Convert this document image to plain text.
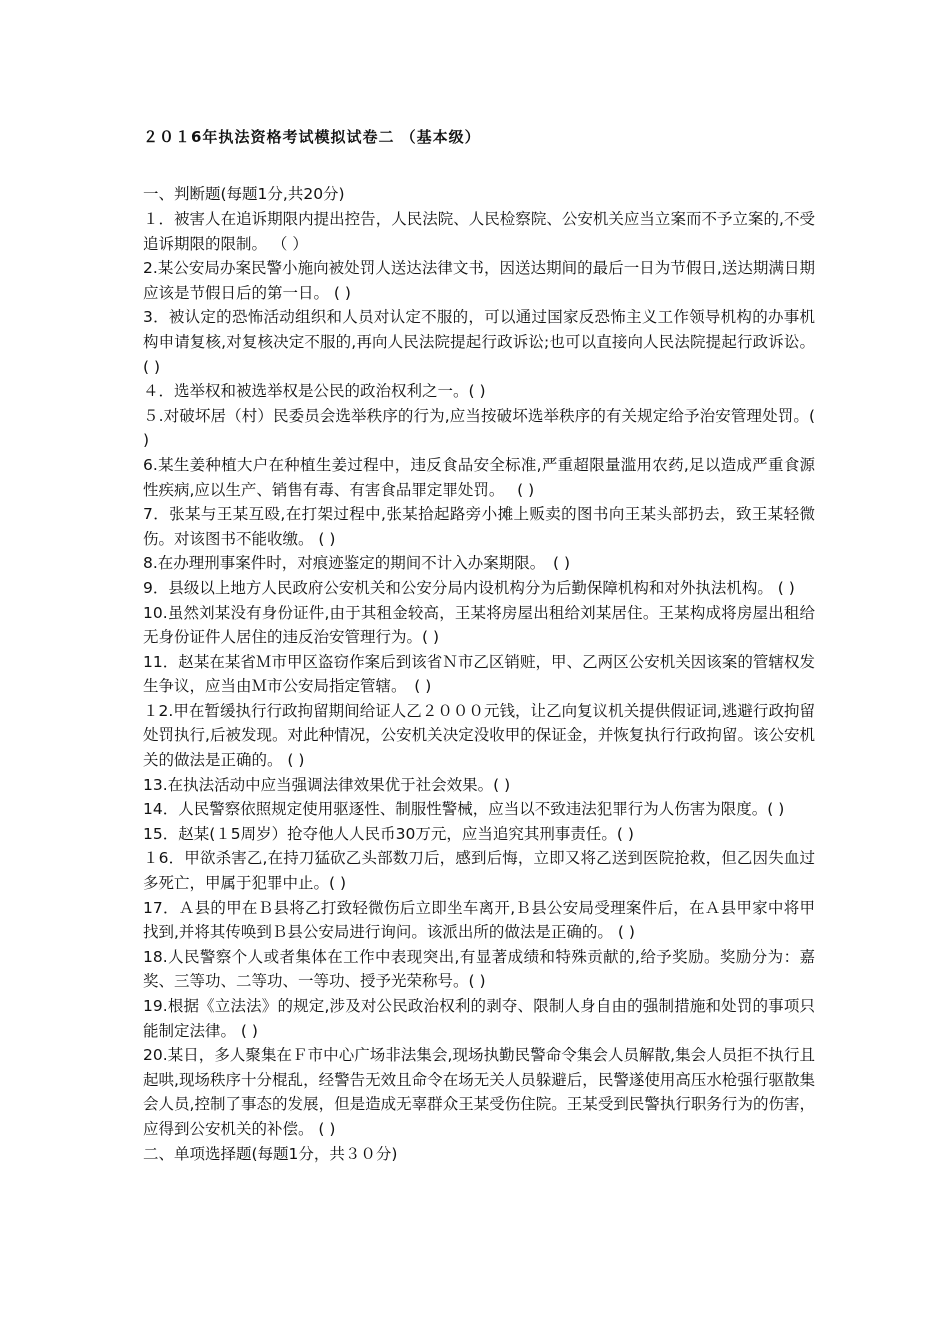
２０１6年执法资格考试模拟试卷二 （基本级）
一、判断题(每题1分,共20分)

１．被害人在追诉期限内提出控告，人民法院、人民检察院、公安机关应当立案而不予立案的,不受追诉期限的限制。 （ ）

2.某公安局办案民警小施向被处罚人送达法律文书，因送达期间的最后一日为节假日,送达期满日期应该是节假日后的第一日。 ( )

3．被认定的恐怖活动组织和人员对认定不服的，可以通过国家反恐怖主义工作领导机构的办事机构申请复核,对复核决定不服的,再向人民法院提起行政诉讼;也可以直接向人民法院提起行政诉讼。( )

４．选举权和被选举权是公民的政治权利之一。( )

５.对破坏居（村）民委员会选举秩序的行为,应当按破坏选举秩序的有关规定给予治安管理处罚。( )

6.某生姜种植大户在种植生姜过程中，违反食品安全标准,严重超限量滥用农药,足以造成严重食源性疾病,应以生产、销售有毒、有害食品罪定罪处罚。　 ( )

7．张某与王某互殴,在打架过程中,张某拾起路旁小摊上贩卖的图书向王某头部扔去，致王某轻微伤。对该图书不能收缴。 ( )

8.在办理刑事案件时，对痕迹鉴定的期间不计入办案期限。　( )

9．县级以上地方人民政府公安机关和公安分局内设机构分为后勤保障机构和对外执法机构。 ( )

10.虽然刘某没有身份证件,由于其租金较高，王某将房屋出租给刘某居住。王某构成将房屋出租给无身份证件人居住的违反治安管理行为。( )

11．赵某在某省Ｍ市甲区盗窃作案后到该省Ｎ市乙区销赃，甲、乙两区公安机关因该案的管辖权发生争议，应当由Ｍ市公安局指定管辖。　( )

１2.甲在暂缓执行行政拘留期间给证人乙２０００元钱，让乙向复议机关提供假证词,逃避行政拘留处罚执行,后被发现。对此种情况，公安机关决定没收甲的保证金，并恢复执行行政拘留。该公安机关的做法是正确的。 ( )

13.在执法活动中应当强调法律效果优于社会效果。( )

14．人民警察依照规定使用驱逐性、制服性警械，应当以不致违法犯罪行为人伤害为限度。( )

15．赵某(１5周岁）抢夺他人人民币30万元，应当追究其刑事责任。( )

１6．甲欲杀害乙,在持刀猛砍乙头部数刀后，感到后悔，立即又将乙送到医院抢救，但乙因失血过多死亡，甲属于犯罪中止。( )

17．Ａ县的甲在Ｂ县将乙打致轻微伤后立即坐车离开,Ｂ县公安局受理案件后，在Ａ县甲家中将甲找到,并将其传唤到Ｂ县公安局进行询问。该派出所的做法是正确的。 ( )

18.人民警察个人或者集体在工作中表现突出,有显著成绩和特殊贡献的,给予奖励。奖励分为：嘉奖、三等功、二等功、一等功、授予光荣称号。( )

19.根据《立法法》的规定,涉及对公民政治权利的剥夺、限制人身自由的强制措施和处罚的事项只能制定法律。 ( )

20.某日，多人聚集在Ｆ市中心广场非法集会,现场执勤民警命令集会人员解散,集会人员拒不执行且起哄,现场秩序十分棍乱，经警告无效且命令在场无关人员躲避后，民警遂使用高压水枪强行驱散集会人员,控制了事态的发展，但是造成无辜群众王某受伤住院。王某受到民警执行职务行为的伤害，应得到公安机关的补偿。 ( )

二、单项选择题(每题1分，共３０分)
